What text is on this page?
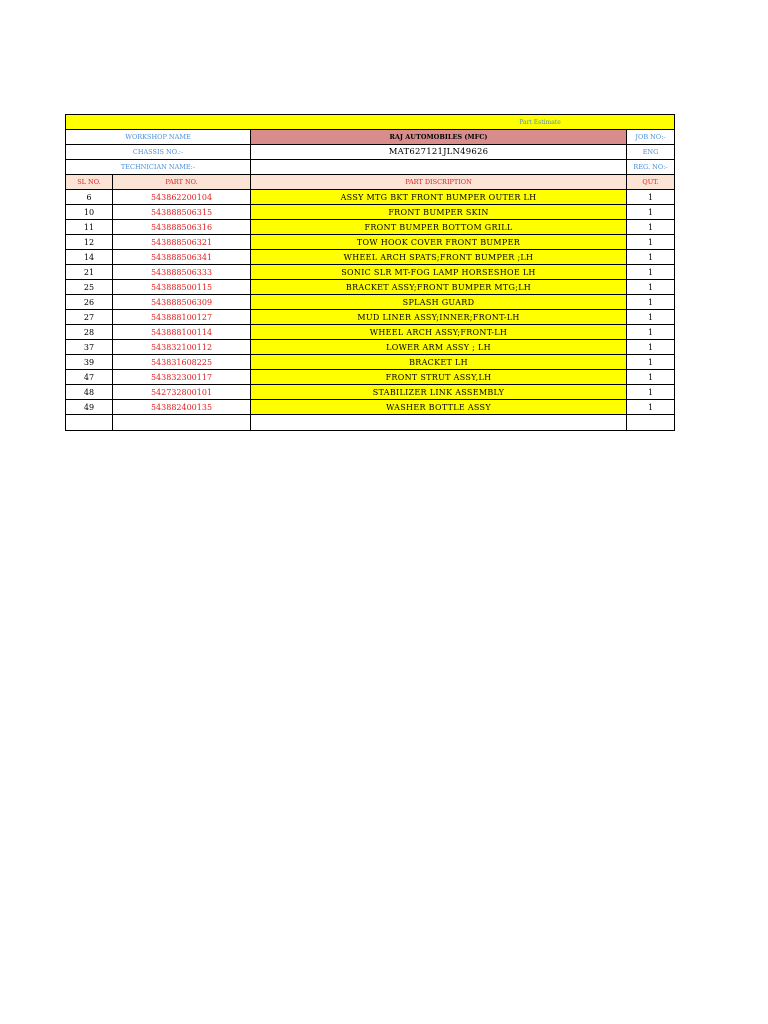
Part Estimate			
WORKSHOP NAME		RAJ AUTOMOBILES (MFC)	JOB NO:-
CHASSIS NO.:-		MAT627121JLN49626	ENG
TECHNICIAN NAME:-			REG. NO:-
SL NO.	PART NO.	PART DISCRIPTION	QUT.
6	543862200104	ASSY MTG BKT FRONT BUMPER OUTER LH	1
10	543888506315	FRONT BUMPER SKIN	1
11	543888506316	FRONT BUMPER BOTTOM GRILL	1
12	543888506321	TOW HOOK COVER FRONT BUMPER	1
14	543888506341	WHEEL ARCH SPATS;FRONT BUMPER ;LH	1
21	543888506333	SONIC SLR MT-FOG LAMP HORSESHOE LH	1
25	543888500115	BRACKET ASSY;FRONT BUMPER MTG;LH	1
26	543888506309	SPLASH GUARD	1
27	543888100127	MUD LINER ASSY;INNER;FRONT-LH	1
28	543888100114	WHEEL ARCH ASSY;FRONT-LH	1
37	543832100112	LOWER ARM ASSY ; LH	1
39	543831608225	BRACKET LH	1
47	543832300117	FRONT STRUT ASSY,LH	1
48	542732800101	STABILIZER LINK ASSEMBLY	1
49	543882400135	WASHER BOTTLE ASSY	1
